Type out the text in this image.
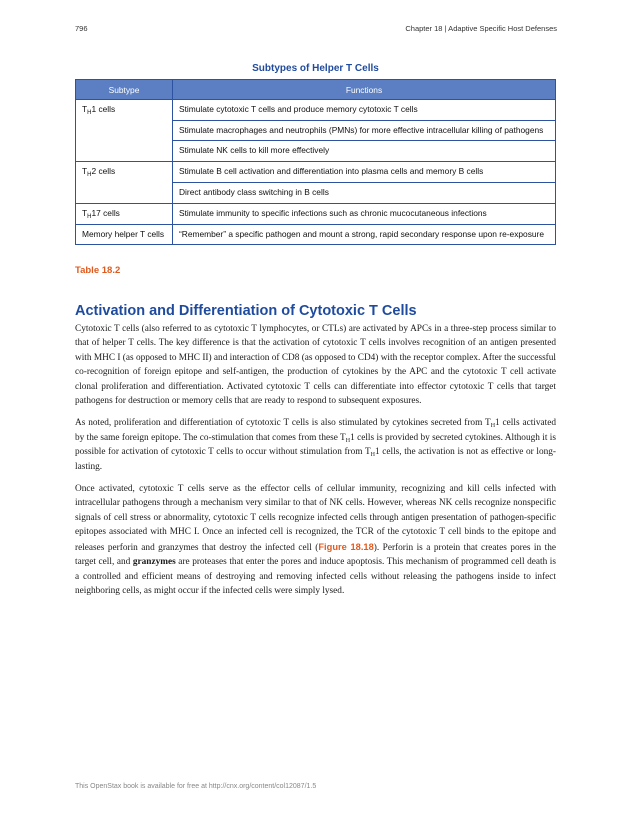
796	Chapter 18 | Adaptive Specific Host Defenses
Subtypes of Helper T Cells
Subtype	Functions
$T_H1$ cells	Stimulate cytotoxic T cells and produce memory cytotoxic T cells
	Stimulate macrophages and neutrophils (PMNs) for more effective intracellular killing of pathogens
	Stimulate NK cells to kill more effectively
$T_H2$ cells	Stimulate B cell activation and differentiation into plasma cells and memory B cells
	Direct antibody class switching in B cells
$T_H17$ cells	Stimulate immunity to specific infections such as chronic mucocutaneous infections
Memory helper T cells	“Remember” a specific pathogen and mount a strong, rapid secondary response upon re-exposure
Table 18.2
Activation and Differentiation of Cytotoxic T Cells

Cytotoxic T cells (also referred to as cytotoxic T lymphocytes, or CTLs) are activated by APCs in a three-step process similar to that of helper T cells. The key difference is that the activation of cytotoxic T cells involves recognition of an antigen presented with MHC I (as opposed to MHC II) and interaction of CD8 (as opposed to CD4) with the receptor complex. After the successful co-recognition of foreign epitope and self-antigen, the production of cytokines by the APC and the cytotoxic T cell activate clonal proliferation and differentiation. Activated cytotoxic T cells can differentiate into effector cytotoxic T cells that target pathogens for destruction or memory cells that are ready to respond to subsequent exposures.

As noted, proliferation and differentiation of cytotoxic T cells is also stimulated by cytokines secreted from $T_H1$ cells activated by the same foreign epitope. The co-stimulation that comes from these $T_H1$ cells is provided by secreted cytokines. Although it is possible for activation of cytotoxic T cells to occur without stimulation from $T_H1$ cells, the activation is not as effective or long-lasting.

Once activated, cytotoxic T cells serve as the effector cells of cellular immunity, recognizing and kill cells infected with intracellular pathogens through a mechanism very similar to that of NK cells. However, whereas NK cells recognize nonspecific signals of cell stress or abnormality, cytotoxic T cells recognize infected cells through antigen presentation of pathogen-specific epitopes associated with MHC I. Once an infected cell is recognized, the TCR of the cytotoxic T cell binds to the epitope and releases perforin and granzymes that destroy the infected cell (Figure 18.18). Perforin is a protein that creates pores in the target cell, and granzymes are proteases that enter the pores and induce apoptosis. This mechanism of programmed cell death is a controlled and efficient means of destroying and removing infected cells without releasing the pathogens inside to infect neighboring cells, as might occur if the infected cells were simply lysed.

This OpenStax book is available for free at http://cnx.org/content/col12087/1.5
